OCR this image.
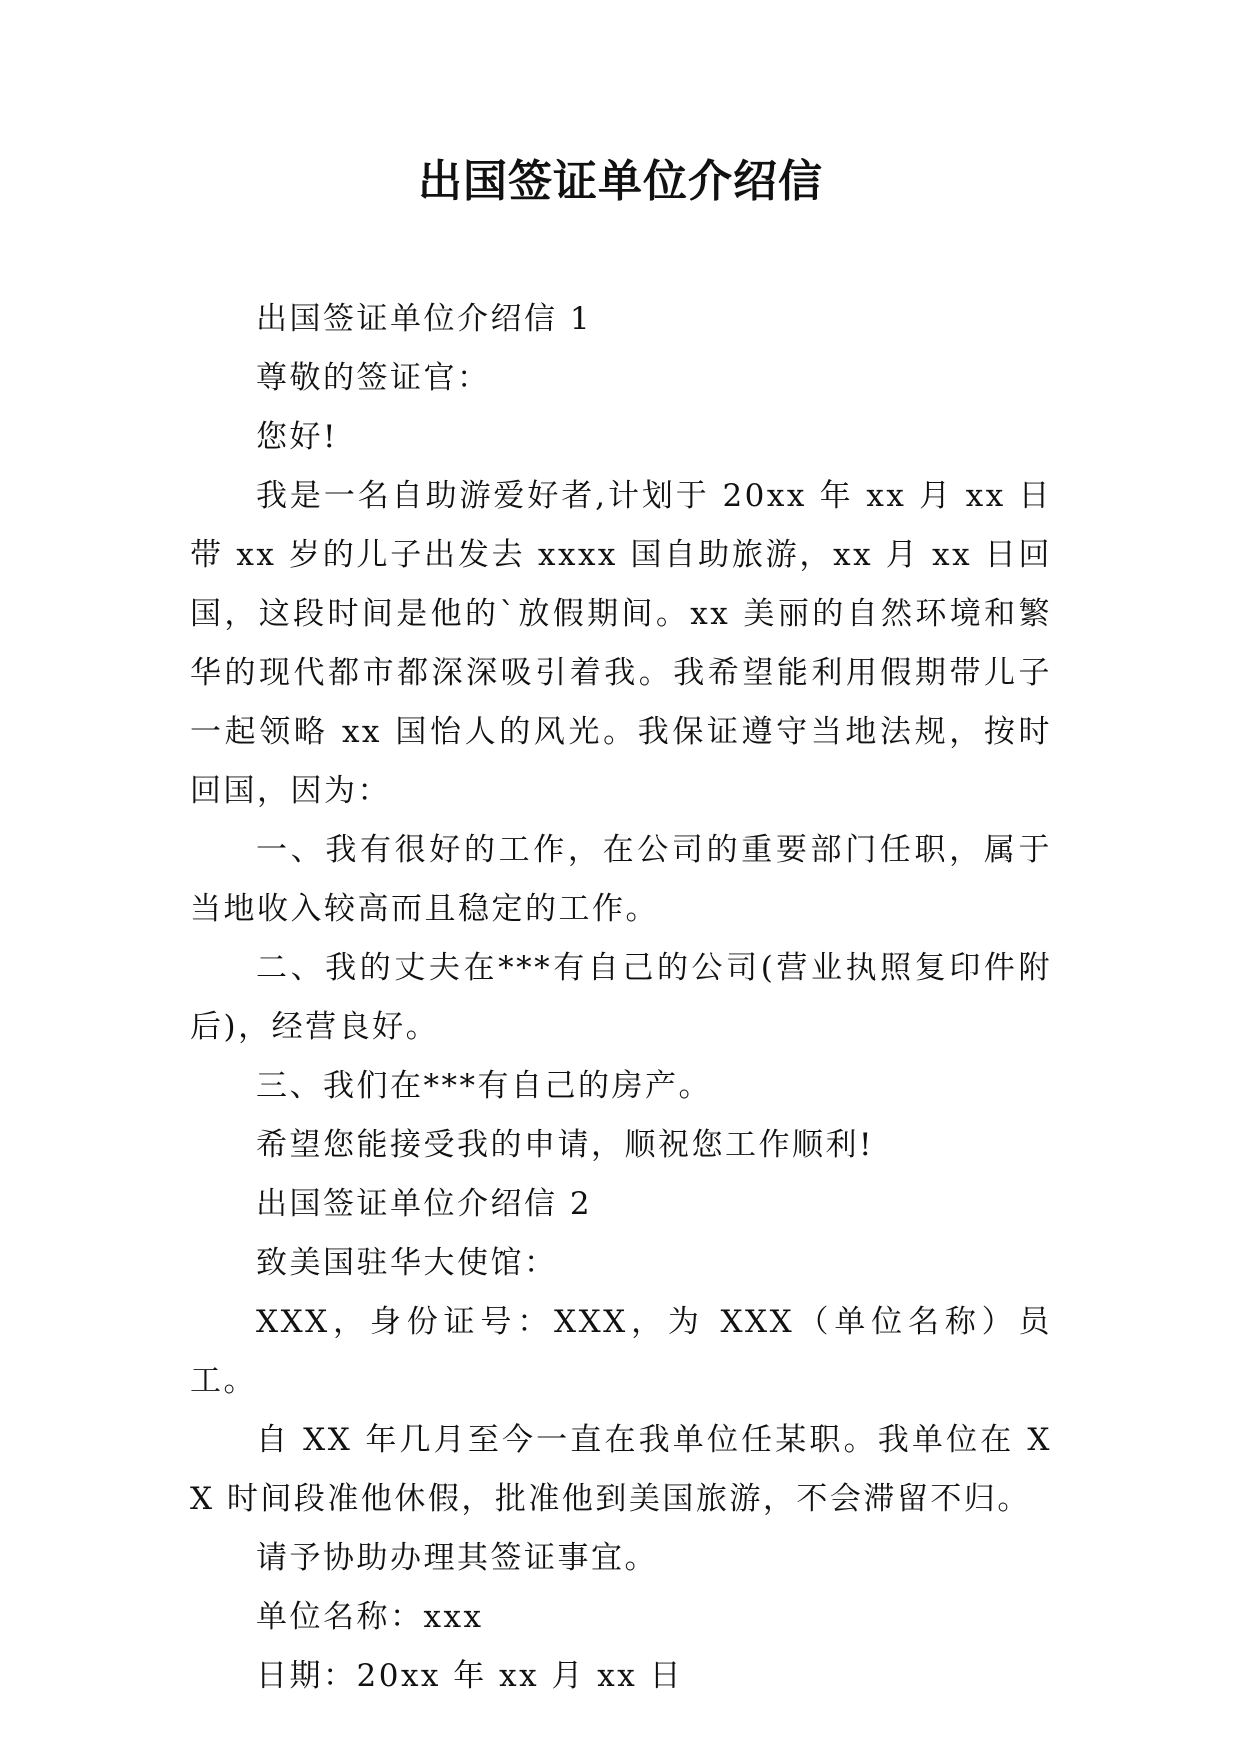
出国签证单位介绍信

出国签证单位介绍信 1

尊敬的签证官：

您好!

我是一名自助游爱好者,计划于 20xx 年 xx 月 xx 日带 xx 岁的儿子出发去 xxxx 国自助旅游，xx 月 xx 日回国，这段时间是他的`放假期间。xx 美丽的自然环境和繁华的现代都市都深深吸引着我。我希望能利用假期带儿子一起领略 xx 国怡人的风光。我保证遵守当地法规，按时回国，因为：

一、我有很好的工作，在公司的重要部门任职，属于当地收入较高而且稳定的工作。

二、我的丈夫在***有自己的公司(营业执照复印件附后)，经营良好。

三、我们在***有自己的房产。

希望您能接受我的申请，顺祝您工作顺利!

出国签证单位介绍信 2

致美国驻华大使馆：

XXX，身份证号：XXX，为 XXX（单位名称）员工。

自 XX 年几月至今一直在我单位任某职。我单位在 XX 时间段准他休假，批准他到美国旅游，不会滞留不归。

请予协助办理其签证事宜。

单位名称：xxx

日期：20xx 年 xx 月 xx 日
